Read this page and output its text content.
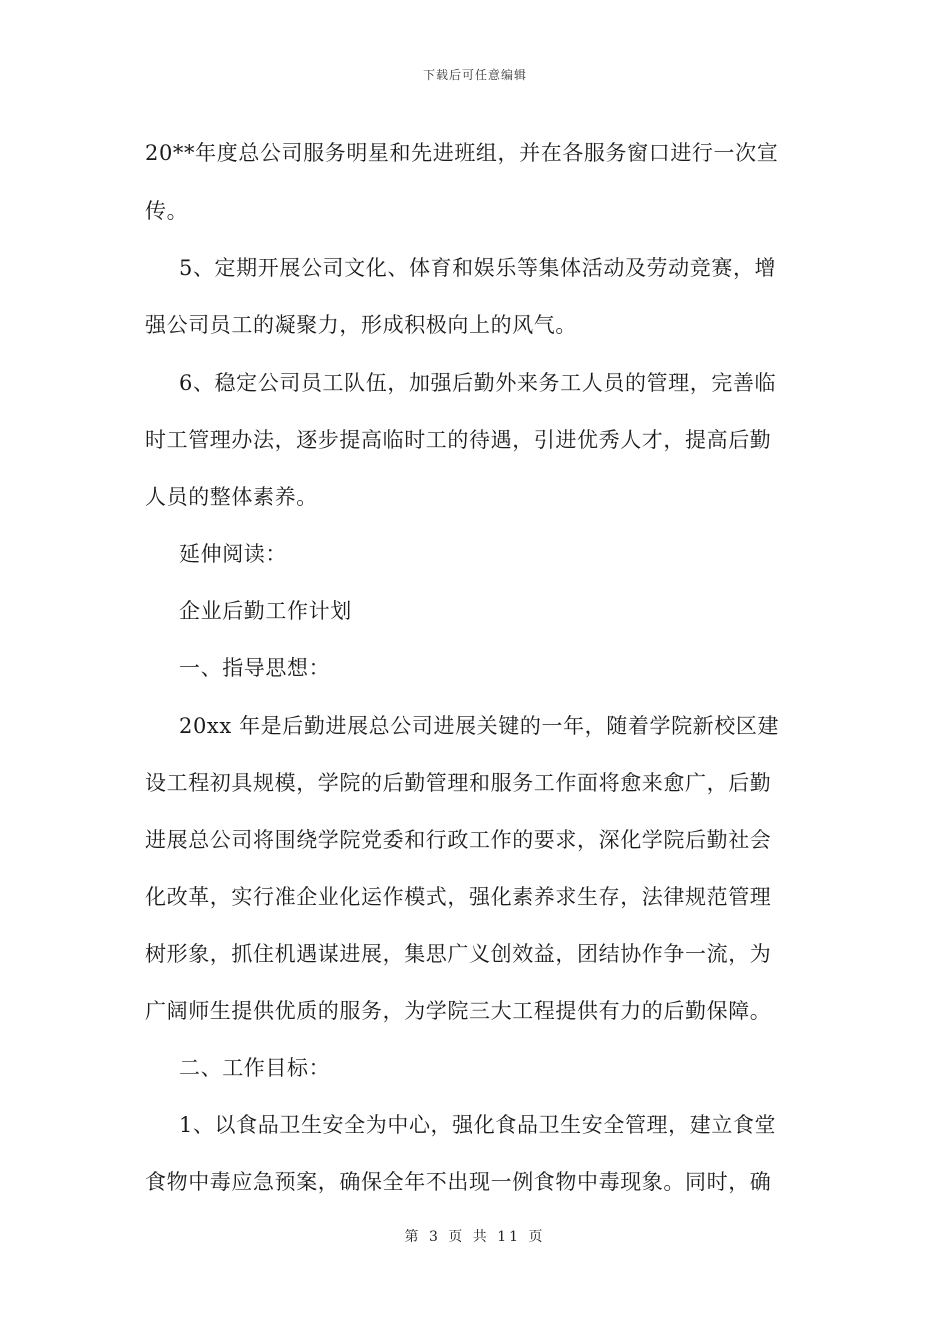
下载后可任意编辑
20**年度总公司服务明星和先进班组，并在各服务窗口进行一次宣
传。
5、定期开展公司文化、体育和娱乐等集体活动及劳动竞赛，增
强公司员工的凝聚力，形成积极向上的风气。
6、稳定公司员工队伍，加强后勤外来务工人员的管理，完善临
时工管理办法，逐步提高临时工的待遇，引进优秀人才，提高后勤
人员的整体素养。
延伸阅读：
企业后勤工作计划
一、指导思想：
20xx 年是后勤进展总公司进展关键的一年，随着学院新校区建
设工程初具规模，学院的后勤管理和服务工作面将愈来愈广，后勤
进展总公司将围绕学院党委和行政工作的要求，深化学院后勤社会
化改革，实行准企业化运作模式，强化素养求生存，法律规范管理
树形象，抓住机遇谋进展，集思广义创效益，团结协作争一流，为
广阔师生提供优质的服务，为学院三大工程提供有力的后勤保障。
二、工作目标：
1、以食品卫生安全为中心，强化食品卫生安全管理，建立食堂
食物中毒应急预案，确保全年不出现一例食物中毒现象。同时，确
第 3 页 共 11 页
